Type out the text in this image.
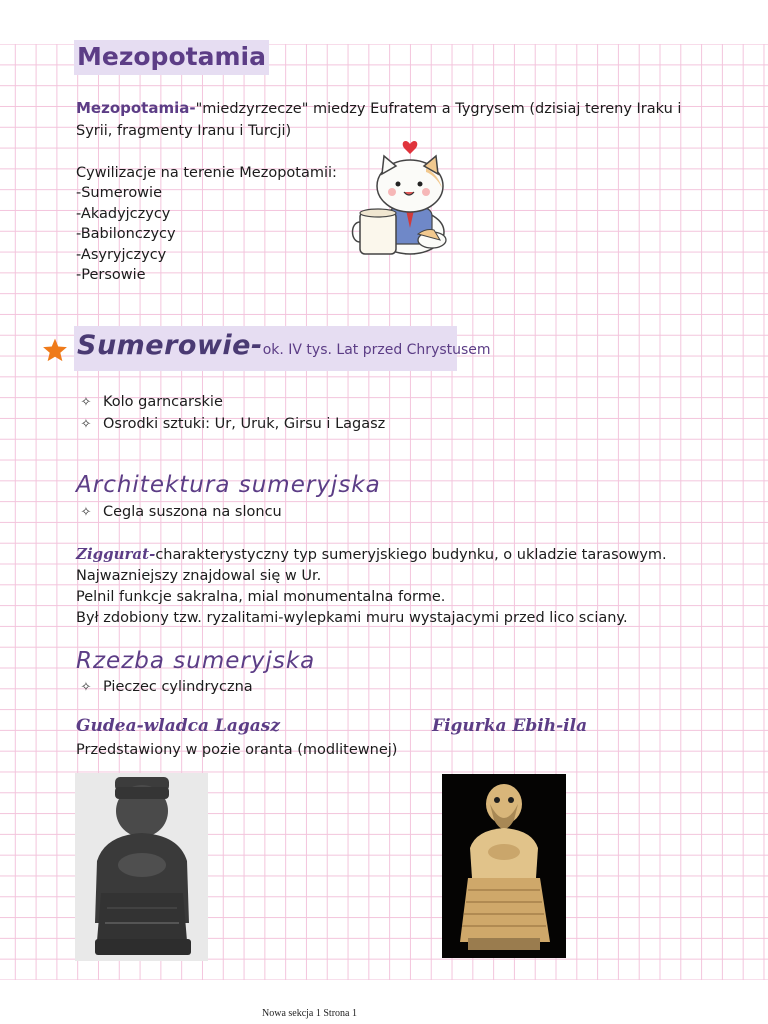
Mezopotamia
Mezopotamia-"miedzyrzecze" miedzy Eufratem a Tygrysem (dzisiaj tereny Iraku i
Syrii, fragmenty Iranu i Turcji)
Cywilizacje na terenie Mezopotamii:
-Sumerowie
-Akadyjczycy
-Babilonczycy
-Asyryjczycy
-Persowie
Sumerowie-ok. IV tys. Lat przed Chrystusem
✧ Kolo garncarskie
✧ Osrodki sztuki: Ur, Uruk, Girsu i Lagasz
Architektura sumeryjska
✧ Cegla suszona na sloncu
Ziggurat-charakterystyczny typ sumeryjskiego budynku, o ukladzie tarasowym.
Najwazniejszy znajdowal się w Ur.
Pelnil funkcje sakralna, mial monumentalna forme.
Był zdobiony tzw. ryzalitami-wylepkami muru wystajacymi przed lico sciany.
Rzezba sumeryjska
✧ Pieczec cylindryczna
Gudea-wladca Lagasz	Figurka Ebih-ila
Przedstawiony w pozie oranta (modlitewnej)
Nowa sekcja 1 Strona 1
